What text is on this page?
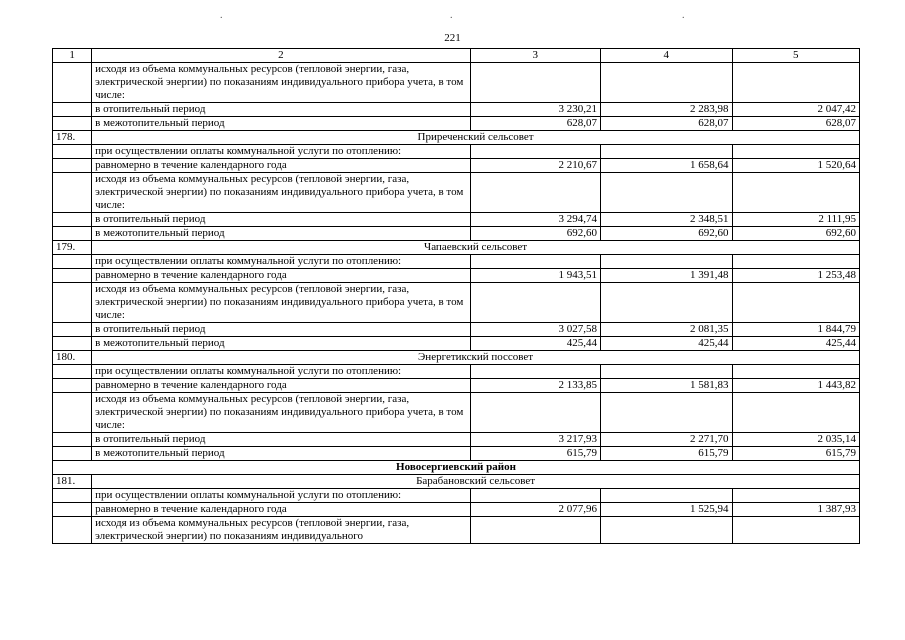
.	.	.
221
1	2	3	4	5
	исходя из объема коммунальных ресурсов (тепловой энергии, газа, электрической энергии) по показаниям индивидуального прибора учета, в том числе:			
	в отопительный период	3 230,21	2 283,98	2 047,42
	в межотопительный период	628,07	628,07	628,07
178.	Приреченский сельсовет			
	при осуществлении оплаты коммунальной услуги по отоплению:			
	равномерно в течение календарного года	2 210,67	1 658,64	1 520,64
	исходя из объема коммунальных ресурсов (тепловой энергии, газа, электрической энергии) по показаниям индивидуального прибора учета, в том числе:			
	в отопительный период	3 294,74	2 348,51	2 111,95
	в межотопительный период	692,60	692,60	692,60
179.	Чапаевский сельсовет			
	при осуществлении оплаты коммунальной услуги по отоплению:			
	равномерно в течение календарного года	1 943,51	1 391,48	1 253,48
	исходя из объема коммунальных ресурсов (тепловой энергии, газа, электрической энергии) по показаниям индивидуального прибора учета, в том числе:			
	в отопительный период	3 027,58	2 081,35	1 844,79
	в межотопительный период	425,44	425,44	425,44
180.	Энергетикский поссовет			
	при осуществлении оплаты коммунальной услуги по отоплению:			
	равномерно в течение календарного года	2 133,85	1 581,83	1 443,82
	исходя из объема коммунальных ресурсов (тепловой энергии, газа, электрической энергии) по показаниям индивидуального прибора учета, в том числе:			
	в отопительный период	3 217,93	2 271,70	2 035,14
	в межотопительный период	615,79	615,79	615,79
Новосергиевский район				
181.	Барабановский сельсовет			
	при осуществлении оплаты коммунальной услуги по отоплению:			
	равномерно в течение календарного года	2 077,96	1 525,94	1 387,93
	исходя из объема коммунальных ресурсов (тепловой энергии, газа, электрической энергии) по показаниям индивидуального			
